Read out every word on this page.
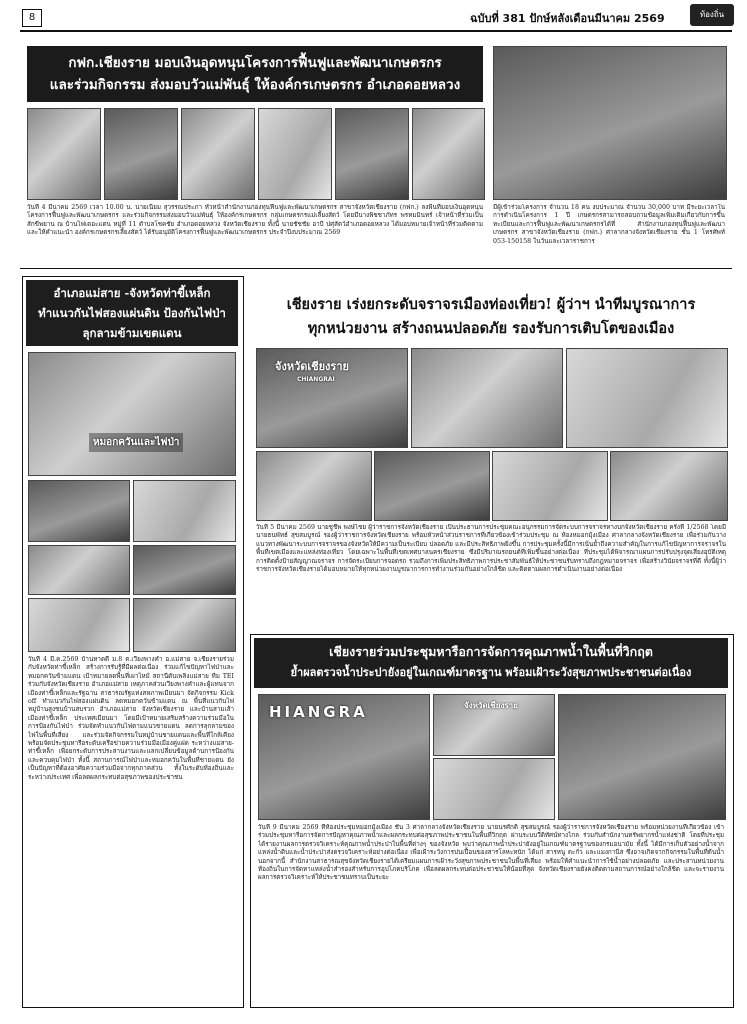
8	ฉบับที่ 381 ปักษ์หลังเดือนมีนาคม 2569	ท้องถิ่น
กฟก.เชียงราย มอบเงินอุดหนุนโครงการฟื้นฟูและพัฒนาเกษตรกร
และร่วมกิจกรรม ส่งมอบวัวแม่พันธุ์ ให้องค์กรเกษตรกร อำเภอดอยหลวง
วันที่ 4 มีนาคม 2569 เวลา 10.00 น. นายเนียม สุวรรณประภา หัวหน้าสำนักงานกองทุนฟื้นฟูและพัฒนาเกษตรกร สาขาจังหวัดเชียงราย (กฟก.) ลงพื้นที่มอบเงินอุดหนุนโครงการฟื้นฟูและพัฒนาเกษตรกร และร่วมกิจกรรมส่งมอบวัวแม่พันธุ์ ให้องค์กรเกษตรกร กลุ่มเกษตรกรแม่เลี้ยงสัตว์ โดยมีนางพิชชาภัทร พรหมมินทร์ เจ้าหน้าที่ร่วมเป็นสักขีพยาน ณ บ้านไฟเดอะแตน หมู่ที่ 11 ตำบลโชคชัย อำเภอดอยหลวง จังหวัดเชียงราย ทั้งนี้ นายชัชชัย อาบี ปศุสัตว์อำเภอดอยหลวง ได้มอบหมายเจ้าหน้าที่ร่วมติดตามและให้คำแนะนำ องค์กรเกษตรกรเลี้ยงสัตว์ ได้รับอนุมัติโครงการฟื้นฟูและพัฒนาเกษตรกร ประจำปีงบประมาณ 2569
มีผู้เข้าร่วมโครงการ จำนวน 18 คน งบประมาณ จำนวน 30,000 บาท มีระยะเวลาในการดำเนินโครงการ 1 ปี เกษตรกรสามารถสอบถามข้อมูลเพิ่มเติมเกี่ยวกับการขึ้นทะเบียนและการฟื้นฟูและพัฒนาเกษตรกรได้ที่ สำนักงานกองทุนฟื้นฟูและพัฒนาเกษตรกร สาขาจังหวัดเชียงราย (กฟก.) ศาลากลางจังหวัดเชียงราย ชั้น 1 โทรศัพท์ 053-150158 ในวันและเวลาราชการ
อำเภอแม่สาย -จังหวัดท่าขี้เหล็ก
ทำแนวกันไฟสองแผ่นดิน ป้องกันไฟป่า
ลุกลามข้ามเขตแดน
หมอกควันและไฟป่า
วันที่ 4 มี.ค.2569 บ้านหาดดี ม.8 ต.เวียงพางคำ อ.แม่สาย จ.เชียงรายร่วมกับจังหวัดท่าขี้เหล็ก สร้างการรับรู้ที่มีผลต่อเนื่อง ร่วมแก้ไขปัญหาไฟป่าและหมอกควันข้ามแดน เป้าหมายลดพื้นที่เผาไหม้ สถานีดับเพลิงแม่สาย ทีม TEI ร่วมกับจังหวัดเชียงราย อำเภอแม่สาย เหตุภาคส่วนเวียงพางคำและผู้แทนจากเมืองท่าขี้เหล็กและรัฐฉาน สาธารณรัฐแห่งสหภาพเมียนมา จัดกิจกรรม Kick off ทำแนวกันไฟสองแผ่นดิน ลดหมอกควันข้ามแดน ณ พื้นที่แนวกันไฟหมู่บ้านสูงชนบ้านสบรวก อำเภอแม่สาย จังหวัดเชียงราย และบ้านสามเส้า เมืองท่าขี้เหล็ก ประเทศเมียนมา โดยมีเป้าหมายเสริมสร้างความร่วมมือในการป้องกันไฟป่า ร่วมจัดทำแนวกันไฟตามแนวชายแดน ลดการลุกลามของไฟในพื้นที่เสี่ยง และร่วมจัดกิจกรรมในหมู่บ้านชายแดนและพื้นที่ใกล้เคียง พร้อมจัดประชุมหารือระดับเครือข่ายความร่วมมือเมืองคู่แฝด ระหว่างแม่สาย-ท่าขี้เหล็ก เพื่อยกระดับการประสานงานและแลกเปลี่ยนข้อมูลด้านการป้องกันและควบคุมไฟป่า ทั้งนี้ สถานการณ์ไฟป่าและหมอกควันในพื้นที่ชายแดน ยังเป็นปัญหาที่ต้องอาศัยความร่วมมือจากทุกภาคส่วน ทั้งในระดับท้องถิ่นและระหว่างประเทศ เพื่อลดผลกระทบต่อสุขภาพของประชาชน
เชียงราย เร่งยกระดับจราจรเมืองท่องเที่ยว! ผู้ว่าฯ นำทีมบูรณาการ
ทุกหน่วยงาน สร้างถนนปลอดภัย รองรับการเติบโตของเมือง
จังหวัดเชียงราย
CHIANGRAI
วันที่ 5 มีนาคม 2569 นายชูชีพ พงษ์ไชย ผู้ว่าราชการจังหวัดเชียงราย เป็นประธานการประชุมคณะอนุกรรมการจัดระบบการจราจรทางบกจังหวัดเชียงราย ครั้งที่ 1/2568 โดยมีนายธนพัทธ์ สุขสมบูรณ์ รองผู้ว่าราชการจังหวัดเชียงราย พร้อมหัวหน้าส่วนราชการที่เกี่ยวข้องเข้าร่วมประชุม ณ ห้องหมอกมุ้งเมือง ศาลากลางจังหวัดเชียงราย เพื่อร่วมกันวางแนวทางพัฒนาระบบการจราจรของจังหวัดให้มีความเป็นระเบียบ ปลอดภัย และมีประสิทธิภาพยิ่งขึ้น การประชุมครั้งนี้มีการเน้นย้ำถึงความสำคัญในการแก้ไขปัญหาการจราจรในพื้นที่เขตเมืองและแหล่งท่องเที่ยว โดยเฉพาะในพื้นที่เขตเทศบาลนครเชียงราย ซึ่งมีปริมาณรถยนต์ที่เพิ่มขึ้นอย่างต่อเนื่อง ที่ประชุมได้พิจารณาแผนการปรับปรุงจุดเสี่ยงอุบัติเหตุ การติดตั้งป้ายสัญญาณจราจร การจัดระเบียบการจอดรถ รวมถึงการเพิ่มประสิทธิภาพการประชาสัมพันธ์ให้ประชาชนรับทราบถึงกฎหมายจราจร เพื่อสร้างวินัยจราจรที่ดี ทั้งนี้ผู้ว่าราชการจังหวัดเชียงรายได้มอบหมายให้ทุกหน่วยงานบูรณาการการทำงานร่วมกันอย่างใกล้ชิด และติดตามผลการดำเนินงานอย่างต่อเนื่อง
เชียงรายร่วมประชุมหารือการจัดการคุณภาพน้ำในพื้นที่วิกฤต
ย้ำผลตรวจน้ำประปายังอยู่ในเกณฑ์มาตรฐาน พร้อมเฝ้าระวังสุขภาพประชาชนต่อเนื่อง
HIANGRA	จังหวัดเชียงราย
วันที่ 9 มีนาคม 2569 ที่ห้องประชุมหมอกมุ้งเมือง ชั้น 3 ศาลากลางจังหวัดเชียงราย นายนรศักดิ์ สุขสมบูรณ์ รองผู้ว่าราชการจังหวัดเชียงราย พร้อมหน่วยงานที่เกี่ยวข้อง เข้าร่วมประชุมหารือการจัดการปัญหาคุณภาพน้ำและผลกระทบต่อสุขภาพประชาชนในพื้นที่วิกฤต ผ่านระบบวีดิทัศน์ทางไกล ร่วมกับสำนักงานทรัพยากรน้ำแห่งชาติ โดยที่ประชุมได้รายงานผลการตรวจวิเคราะห์คุณภาพน้ำประปาในพื้นที่ต่างๆ ของจังหวัด พบว่าคุณภาพน้ำประปายังอยู่ในเกณฑ์มาตรฐานของกรมอนามัย ทั้งนี้ ได้มีการเก็บตัวอย่างน้ำจากแหล่งน้ำดิบและน้ำประปาส่งตรวจวิเคราะห์อย่างต่อเนื่อง เพื่อเฝ้าระวังการปนเปื้อนของสารโลหะหนัก ได้แก่ สารหนู ตะกั่ว และแมงกานีส ซึ่งอาจเกิดจากกิจกรรมในพื้นที่ต้นน้ำ นอกจากนี้ สำนักงานสาธารณสุขจังหวัดเชียงรายได้เตรียมแผนการเฝ้าระวังสุขภาพประชาชนในพื้นที่เสี่ยง พร้อมให้คำแนะนำการใช้น้ำอย่างปลอดภัย และประสานหน่วยงานท้องถิ่นในการจัดหาแหล่งน้ำสำรองสำหรับการอุปโภคบริโภค เพื่อลดผลกระทบต่อประชาชนให้น้อยที่สุด จังหวัดเชียงรายยังคงติดตามสถานการณ์อย่างใกล้ชิด และจะรายงานผลการตรวจวิเคราะห์ให้ประชาชนทราบเป็นระยะ
